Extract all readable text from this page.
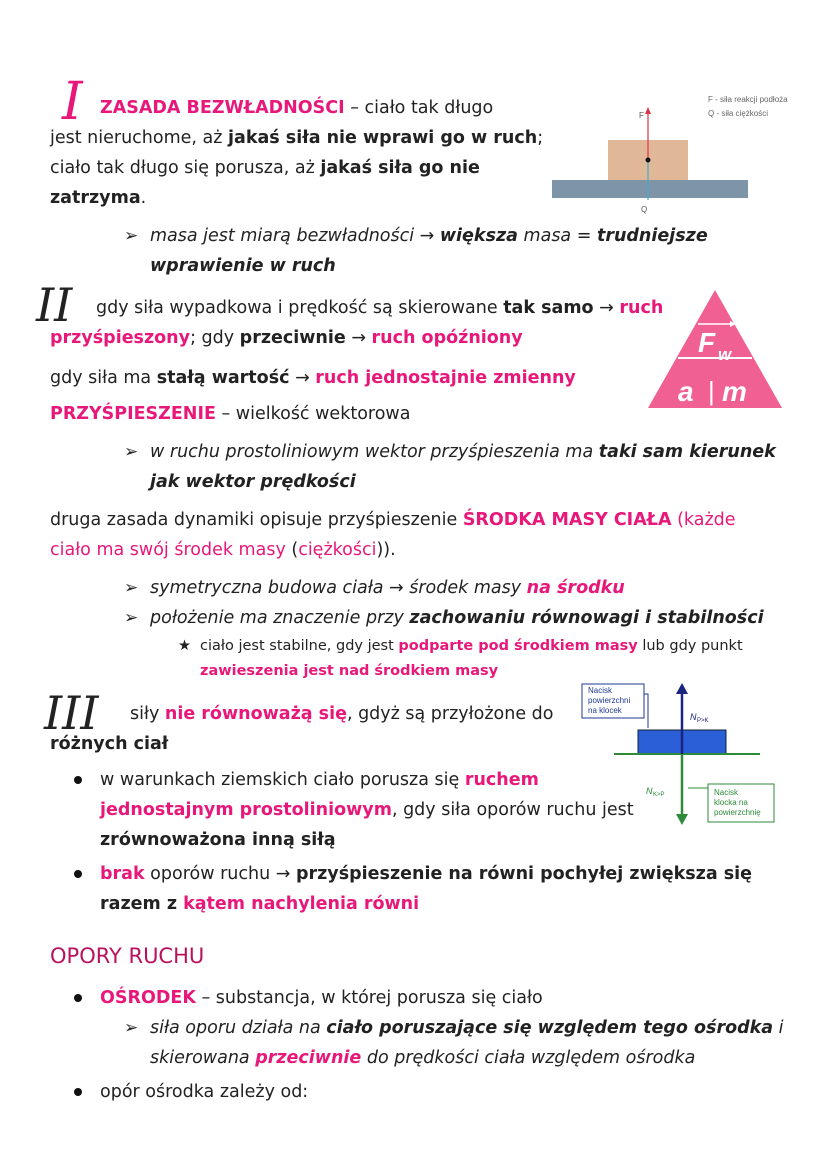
I ZASADA BEZWŁADNOŚCI – ciało tak długo
jest nieruchome, aż jakaś siła nie wprawi go w ruch;
ciało tak długo się porusza, aż jakaś siła go nie
zatrzyma.
➢ masa jest miarą bezwładności → większa masa = trudniejsze
wprawienie w ruch
F - siła reakcji podłoża
Q - siła ciężkości
F
Q
II gdy siła wypadkowa i prędkość są skierowane tak samo → ruch
przyśpieszony; gdy przeciwnie → ruch opóźniony
gdy siła ma stałą wartość → ruch jednostajnie zmienny
PRZYŚPIESZENIE – wielkość wektorowa
F w
a | m
➢ w ruchu prostoliniowym wektor przyśpieszenia ma taki sam kierunek
jak wektor prędkości
druga zasada dynamiki opisuje przyśpieszenie ŚRODKA MASY CIAŁA (każde
ciało ma swój środek masy (ciężkości)).
➢ symetryczna budowa ciała → środek masy na środku
➢ położenie ma znaczenie przy zachowaniu równowagi i stabilności
★ ciało jest stabilne, gdy jest podparte pod środkiem masy lub gdy punkt
zawieszenia jest nad środkiem masy
III siły nie równoważą się, gdyż są przyłożone do
różnych ciał
Nacisk
powierzchni
na klocek
N P>K
N K>P	Nacisk
klocka na
powierzchnię
w warunkach ziemskich ciało porusza się ruchem
jednostajnym prostoliniowym, gdy siła oporów ruchu jest
zrównoważona inną siłą
brak oporów ruchu → przyśpieszenie na równi pochyłej zwiększa się
razem z kątem nachylenia równi
OPORY RUCHU
OŚRODEK – substancja, w której porusza się ciało
➢ siła oporu działa na ciało poruszające się względem tego ośrodka i
skierowana przeciwnie do prędkości ciała względem ośrodka
opór ośrodka zależy od:
